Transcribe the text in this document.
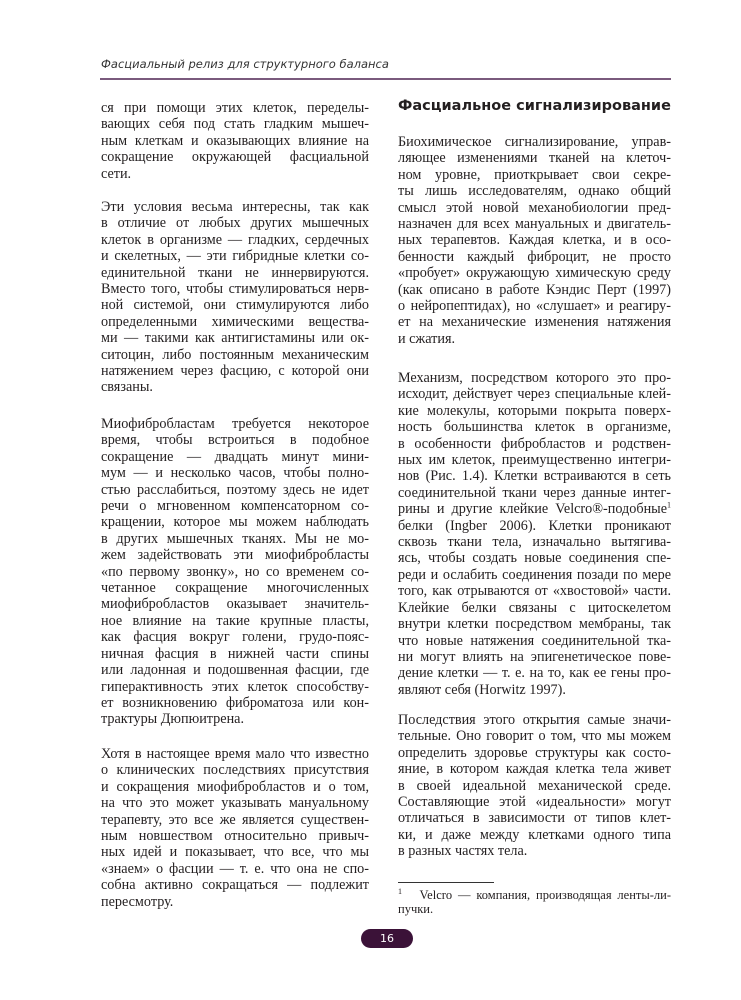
Фасциальный релиз для структурного баланса
ся при помощи этих клеток, переделы-
вающих себя под стать гладким мышеч-
ным клеткам и оказывающих влияние на
сокращение окружающей фасциальной
сети.
Эти условия весьма интересны, так как
в отличие от любых других мышечных
клеток в организме — гладких, сердечных
и скелетных, — эти гибридные клетки со-
единительной ткани не иннервируются.
Вместо того, чтобы стимулироваться нерв-
ной системой, они стимулируются либо
определенными химическими вещества-
ми — такими как антигистамины или ок-
ситоцин, либо постоянным механическим
натяжением через фасцию, с которой они
связаны.
Миофибробластам требуется некоторое
время, чтобы встроиться в подобное
сокращение — двадцать минут мини-
мум — и несколько часов, чтобы полно-
стью расслабиться, поэтому здесь не идет
речи о мгновенном компенсаторном со-
кращении, которое мы можем наблюдать
в других мышечных тканях. Мы не мо-
жем задействовать эти миофибробласты
«по первому звонку», но со временем со-
четанное сокращение многочисленных
миофибробластов оказывает значитель-
ное влияние на такие крупные пласты,
как фасция вокруг голени, грудо-пояс-
ничная фасция в нижней части спины
или ладонная и подошвенная фасции, где
гиперактивность этих клеток способству-
ет возникновению фиброматоза или кон-
трактуры Дюпюитрена.
Хотя в настоящее время мало что известно
о клинических последствиях присутствия
и сокращения миофибробластов и о том,
на что это может указывать мануальному
терапевту, это все же является существен-
ным новшеством относительно привыч-
ных идей и показывает, что все, что мы
«знаем» о фасции — т. е. что она не спо-
собна активно сокращаться — подлежит
пересмотру.
Фасциальное сигнализирование
Биохимическое сигнализирование, управ-
ляющее изменениями тканей на клеточ-
ном уровне, приоткрывает свои секре-
ты лишь исследователям, однако общий
смысл этой новой механобиологии пред-
назначен для всех мануальных и двигатель-
ных терапевтов. Каждая клетка, и в осо-
бенности каждый фиброцит, не просто
«пробует» окружающую химическую среду
(как описано в работе Кэндис Перт (1997)
о нейропептидах), но «слушает» и реагиру-
ет на механические изменения натяжения
и сжатия.
Механизм, посредством которого это про-
исходит, действует через специальные клей-
кие молекулы, которыми покрыта поверх-
ность большинства клеток в организме,
в особенности фибробластов и родствен-
ных им клеток, преимущественно интегри-
нов (Рис. 1.4). Клетки встраиваются в сеть
соединительной ткани через данные интег-
рины и другие клейкие Velcro®-подобные$^1$
белки (Ingber 2006). Клетки проникают
сквозь ткани тела, изначально вытягива-
ясь, чтобы создать новые соединения спе-
реди и ослабить соединения позади по мере
того, как отрываются от «хвостовой» части.
Клейкие белки связаны с цитоскелетом
внутри клетки посредством мембраны, так
что новые натяжения соединительной тка-
ни могут влиять на эпигенетическое пове-
дение клетки — т. е. на то, как ее гены про-
являют себя (Horwitz 1997).
Последствия этого открытия самые значи-
тельные. Оно говорит о том, что мы можем
определить здоровье структуры как состо-
яние, в котором каждая клетка тела живет
в своей идеальной механической среде.
Составляющие этой «идеальности» могут
отличаться в зависимости от типов клет-
ки, и даже между клетками одного типа
в разных частях тела.
$^1$ Velcro — компания, производящая ленты-ли-
пучки.
16
